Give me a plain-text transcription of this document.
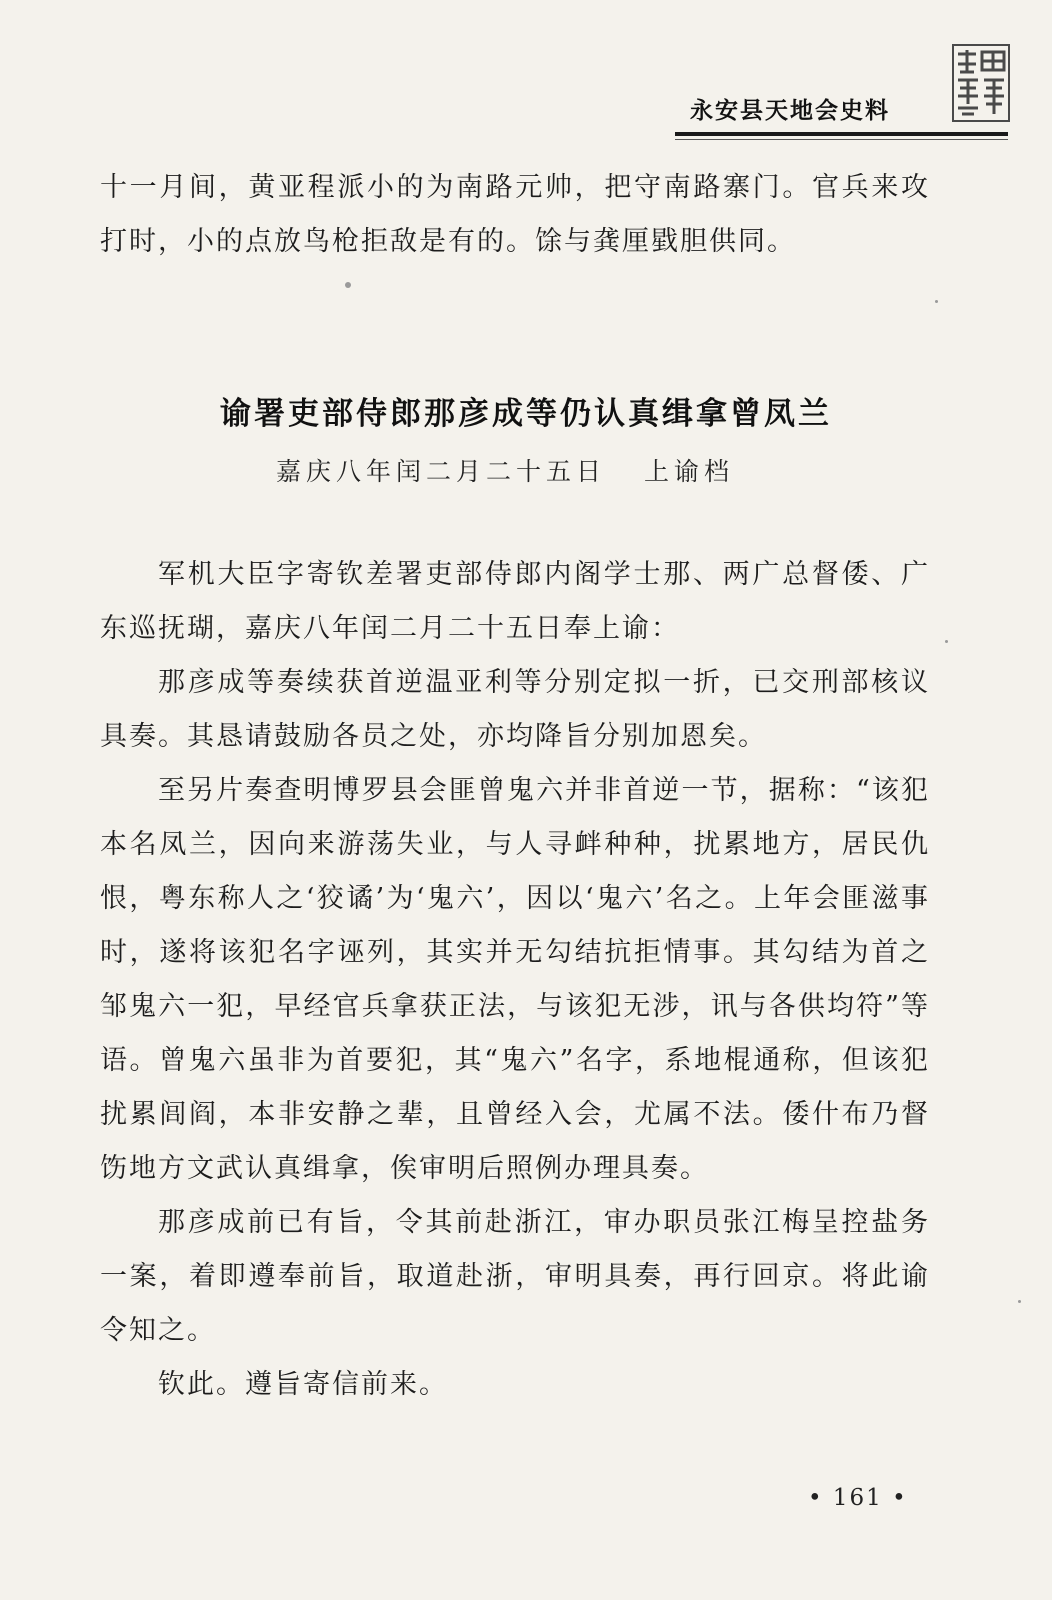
永安县天地会史料

十一月间，黄亚程派小的为南路元帅，把守南路寨门。官兵来攻打时，小的点放鸟枪拒敌是有的。馀与龚厘戥胆供同。

谕署吏部侍郎那彦成等仍认真缉拿曾凤兰
嘉庆八年闰二月二十五日 上谕档

军机大臣字寄钦差署吏部侍郎内阁学士那、两广总督倭、广东巡抚瑚，嘉庆八年闰二月二十五日奉上谕：

那彦成等奏续获首逆温亚利等分别定拟一折，已交刑部核议具奏。其恳请鼓励各员之处，亦均降旨分别加恩矣。

至另片奏查明博罗县会匪曾鬼六并非首逆一节，据称：“该犯本名凤兰，因向来游荡失业，与人寻衅种种，扰累地方，居民仇恨，粤东称人之‘狡谲’为‘鬼六’，因以‘鬼六’名之。上年会匪滋事时，遂将该犯名字诬列，其实并无勾结抗拒情事。其勾结为首之邹鬼六一犯，早经官兵拿获正法，与该犯无涉，讯与各供均符”等语。曾鬼六虽非为首要犯，其“鬼六”名字，系地棍通称，但该犯扰累闾阎，本非安静之辈，且曾经入会，尤属不法。倭什布乃督饬地方文武认真缉拿，俟审明后照例办理具奏。

那彦成前已有旨，令其前赴浙江，审办职员张江梅呈控盐务一案，着即遵奉前旨，取道赴浙，审明具奏，再行回京。将此谕令知之。

钦此。遵旨寄信前来。

• 161 •
